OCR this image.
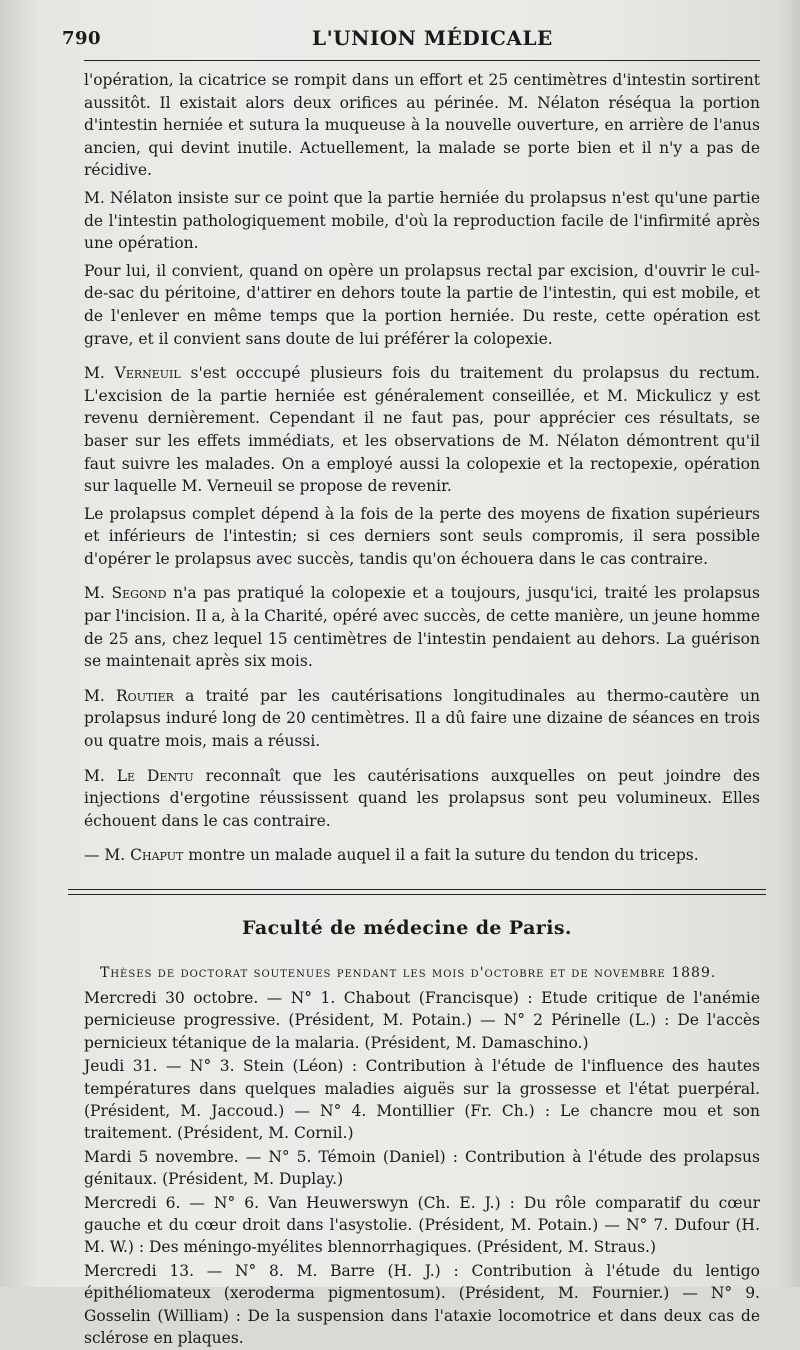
790	L'UNION MÉDICALE

l'opération, la cicatrice se rompit dans un effort et 25 centimètres d'intestin sortirent aussitôt. Il existait alors deux orifices au périnée. M. Nélaton réséqua la portion d'intestin herniée et sutura la muqueuse à la nouvelle ouverture, en arrière de l'anus ancien, qui devint inutile. Actuellement, la malade se porte bien et il n'y a pas de récidive.

M. Nélaton insiste sur ce point que la partie herniée du prolapsus n'est qu'une partie de l'intestin pathologiquement mobile, d'où la reproduction facile de l'infirmité après une opération.

Pour lui, il convient, quand on opère un prolapsus rectal par excision, d'ouvrir le cul-de-sac du péritoine, d'attirer en dehors toute la partie de l'intestin, qui est mobile, et de l'enlever en même temps que la portion herniée. Du reste, cette opération est grave, et il convient sans doute de lui préférer la colopexie.

M. Verneuil s'est occcupé plusieurs fois du traitement du prolapsus du rectum. L'excision de la partie herniée est généralement conseillée, et M. Mickulicz y est revenu dernièrement. Cependant il ne faut pas, pour apprécier ces résultats, se baser sur les effets immédiats, et les observations de M. Nélaton démontrent qu'il faut suivre les malades. On a employé aussi la colopexie et la rectopexie, opération sur laquelle M. Verneuil se propose de revenir.

Le prolapsus complet dépend à la fois de la perte des moyens de fixation supérieurs et inférieurs de l'intestin; si ces derniers sont seuls compromis, il sera possible d'opérer le prolapsus avec succès, tandis qu'on échouera dans le cas contraire.

M. Segond n'a pas pratiqué la colopexie et a toujours, jusqu'ici, traité les prolapsus par l'incision. Il a, à la Charité, opéré avec succès, de cette manière, un jeune homme de 25 ans, chez lequel 15 centimètres de l'intestin pendaient au dehors. La guérison se maintenait après six mois.

M. Routier a traité par les cautérisations longitudinales au thermo-cautère un prolapsus induré long de 20 centimètres. Il a dû faire une dizaine de séances en trois ou quatre mois, mais a réussi.

M. Le Dentu reconnaît que les cautérisations auxquelles on peut joindre des injections d'ergotine réussissent quand les prolapsus sont peu volumineux. Elles échouent dans le cas contraire.

— M. Chaput montre un malade auquel il a fait la suture du tendon du triceps.

Faculté de médecine de Paris.
Thèses de doctorat soutenues pendant les mois d'octobre et de novembre 1889.

Mercredi 30 octobre. — N° 1. Chabout (Francisque) : Etude critique de l'anémie pernicieuse progressive. (Président, M. Potain.) — N° 2 Périnelle (L.) : De l'accès pernicieux tétanique de la malaria. (Président, M. Damaschino.)

Jeudi 31. — N° 3. Stein (Léon) : Contribution à l'étude de l'influence des hautes températures dans quelques maladies aiguës sur la grossesse et l'état puerpéral. (Président, M. Jaccoud.) — N° 4. Montillier (Fr. Ch.) : Le chancre mou et son traitement. (Président, M. Cornil.)

Mardi 5 novembre. — N° 5. Témoin (Daniel) : Contribution à l'étude des prolapsus génitaux. (Président, M. Duplay.)

Mercredi 6. — N° 6. Van Heuwerswyn (Ch. E. J.) : Du rôle comparatif du cœur gauche et du cœur droit dans l'asystolie. (Président, M. Potain.) — N° 7. Dufour (H. M. W.) : Des méningo-myélites blennorrhagiques. (Président, M. Straus.)

Mercredi 13. — N° 8. M. Barre (H. J.) : Contribution à l'étude du lentigo épithéliomateux (xeroderma pigmentosum). (Président, M. Fournier.) — N° 9. Gosselin (William) : De la suspension dans l'ataxie locomotrice et dans deux cas de sclérose en plaques.
